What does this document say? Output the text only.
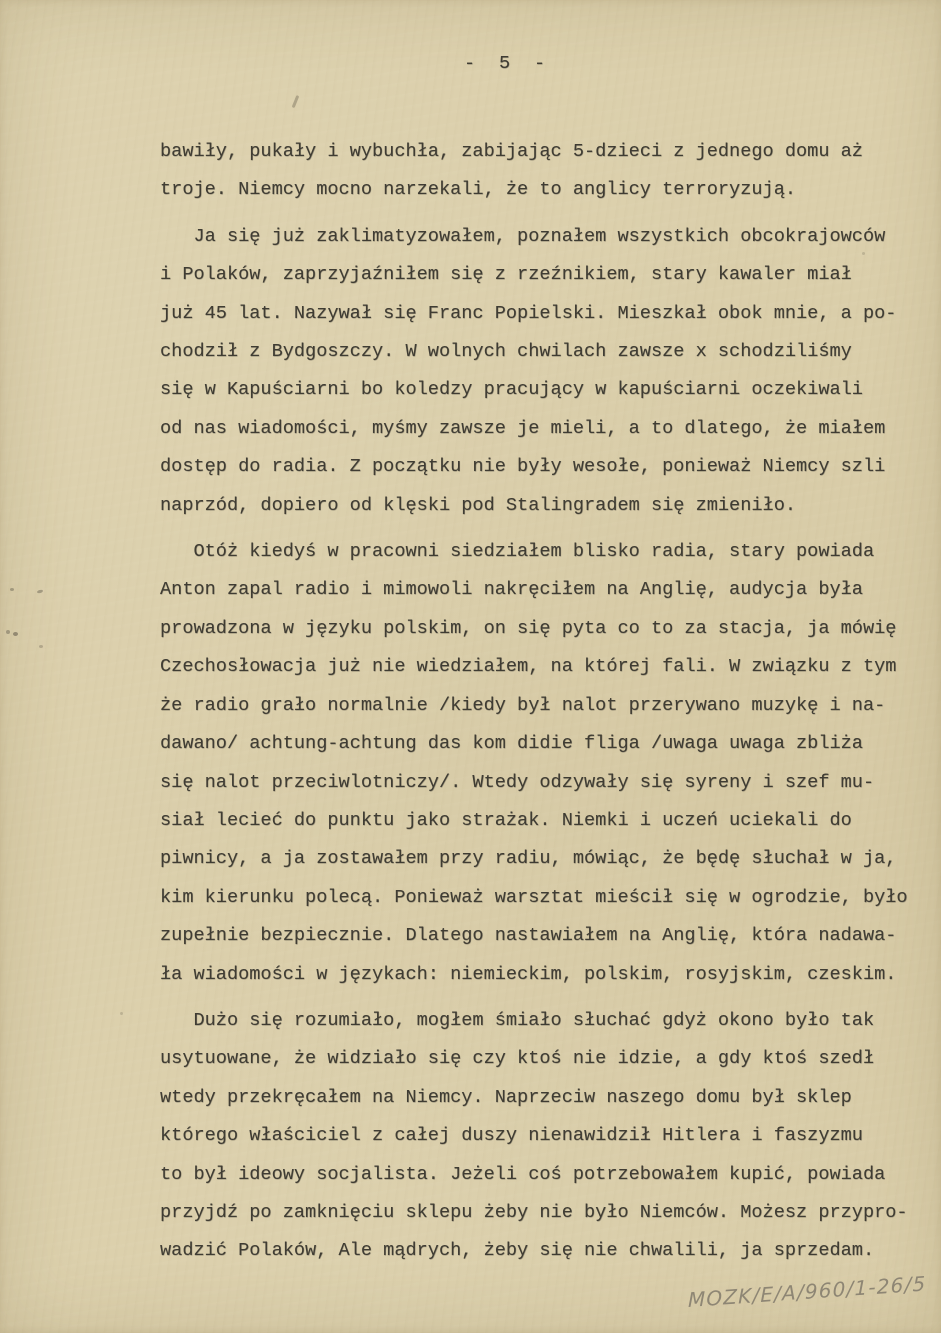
-  5  -
bawiły, pukały i wybuchła, zabijając 5-dzieci z jednego domu aż
troje. Niemcy mocno narzekali, że to anglicy terroryzują.
Ja się już zaklimatyzowałem, poznałem wszystkich obcokrajowców
i Polaków, zaprzyjaźniłem się z rzeźnikiem, stary kawaler miał
już 45 lat. Nazywał się Franc Popielski. Mieszkał obok mnie, a po-
chodził z Bydgoszczy. W wolnych chwilach zawsze x schodziliśmy
się w Kapuściarni bo koledzy pracujący w kapuściarni oczekiwali
od nas wiadomości, myśmy zawsze je mieli, a to dlatego, że miałem
dostęp do radia. Z początku nie były wesołe, ponieważ Niemcy szli
naprzód, dopiero od klęski pod Stalingradem się zmieniło.
Otóż kiedyś w pracowni siedziałem blisko radia, stary powiada
Anton zapal radio i mimowoli nakręciłem na Anglię, audycja była
prowadzona w języku polskim, on się pyta co to za stacja, ja mówię
Czechosłowacja już nie wiedziałem, na której fali. W związku z tym
że radio grało normalnie /kiedy był nalot przerywano muzykę i na-
dawano/ achtung-achtung das kom didie fliga /uwaga uwaga zbliża
się nalot przeciwlotniczy/. Wtedy odzywały się syreny i szef mu-
siał lecieć do punktu jako strażak. Niemki i uczeń uciekali do
piwnicy, a ja zostawałem przy radiu, mówiąc, że będę słuchał w ja,
kim kierunku polecą. Ponieważ warsztat mieścił się w ogrodzie, było
zupełnie bezpiecznie. Dlatego nastawiałem na Anglię, która nadawa-
ła wiadomości w językach: niemieckim, polskim, rosyjskim, czeskim.
Dużo się rozumiało, mogłem śmiało słuchać gdyż okono było tak
usytuowane, że widziało się czy ktoś nie idzie, a gdy ktoś szedł
wtedy przekręcałem na Niemcy. Naprzeciw naszego domu był sklep
którego właściciel z całej duszy nienawidził Hitlera i faszyzmu
to był ideowy socjalista. Jeżeli coś potrzebowałem kupić, powiada
przyjdź po zamknięciu sklepu żeby nie było Niemców. Możesz przypro-
wadzić Polaków, Ale mądrych, żeby się nie chwalili, ja sprzedam.
MOZK/E/A/960/1-26/5
